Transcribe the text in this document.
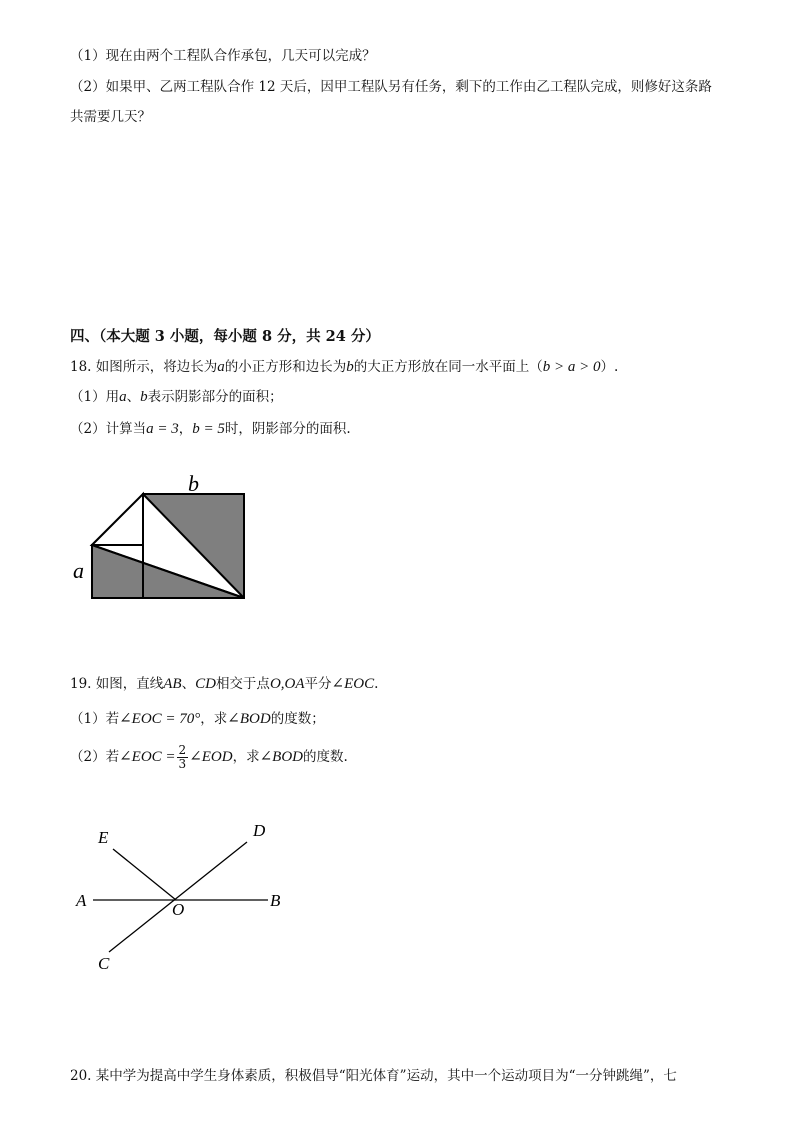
（1）现在由两个工程队合作承包，几天可以完成？
（2）如果甲、乙两工程队合作 12 天后，因甲工程队另有任务，剩下的工作由乙工程队完成，则修好这条路
共需要几天？
四、（本大题 3 小题，每小题 8 分，共 24 分）
18. 如图所示，将边长为a的小正方形和边长为b的大正方形放在同一水平面上（b > a > 0）.
（1）用a、b表示阴影部分的面积；
（2）计算当a = 3，b = 5时，阴影部分的面积.
b
a
19. 如图，直线AB、CD相交于点O,OA平分∠EOC.
（1）若∠EOC = 70°，求∠BOD的度数；
（2）若∠EOC = $\frac{2}{3}$ ∠EOD，求∠BOD的度数.
E	D
A	O	B
C
20. 某中学为提高中学生身体素质，积极倡导“阳光体育”运动，其中一个运动项目为“一分钟跳绳”，七
